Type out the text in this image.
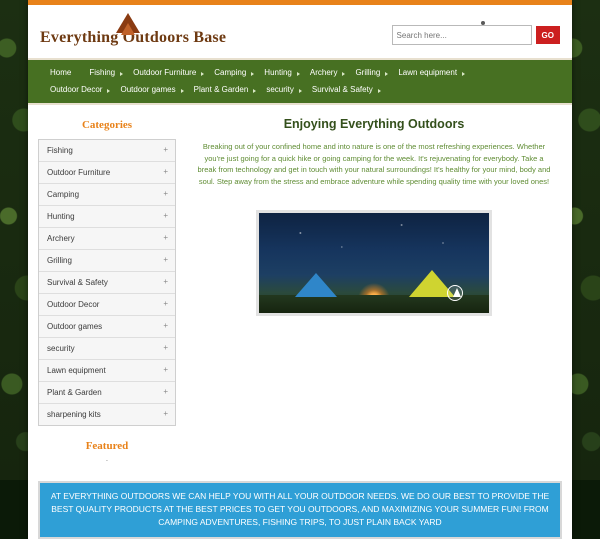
Everything Outdoors Base
Search here...	GO
Home	Fishing	Outdoor Furniture	Camping	Hunting	Archery	Grilling	Lawn equipment
Outdoor Decor	Outdoor games	Plant & Garden	security	Survival & Safety
Categories
Fishing	+
Outdoor Furniture	+
Camping	+
Hunting	+
Archery	+
Grilling	+
Survival & Safety	+
Outdoor Decor	+
Outdoor games	+
security	+
Lawn equipment	+
Plant & Garden	+
sharpening kits	+
Featured
·
Enjoying Everything Outdoors
Breaking out of your confined home and into nature is one of the most refreshing experiences. Whether you're just going for a quick hike or going camping for the week. It's rejuvenating for everybody. Take a break from technology and get in touch with your natural surroundings! It's healthy for your mind, body and soul. Step away from the stress and embrace adventure while spending quality time with your loved ones!
AT EVERYTHING OUTDOORS WE CAN HELP YOU WITH ALL YOUR OUTDOOR NEEDS. WE DO OUR BEST TO PROVIDE THE BEST QUALITY PRODUCTS AT THE BEST PRICES TO GET YOU OUTDOORS, AND MAXIMIZING YOUR SUMMER FUN! FROM CAMPING ADVENTURES, FISHING TRIPS, TO JUST PLAIN BACK YARD
